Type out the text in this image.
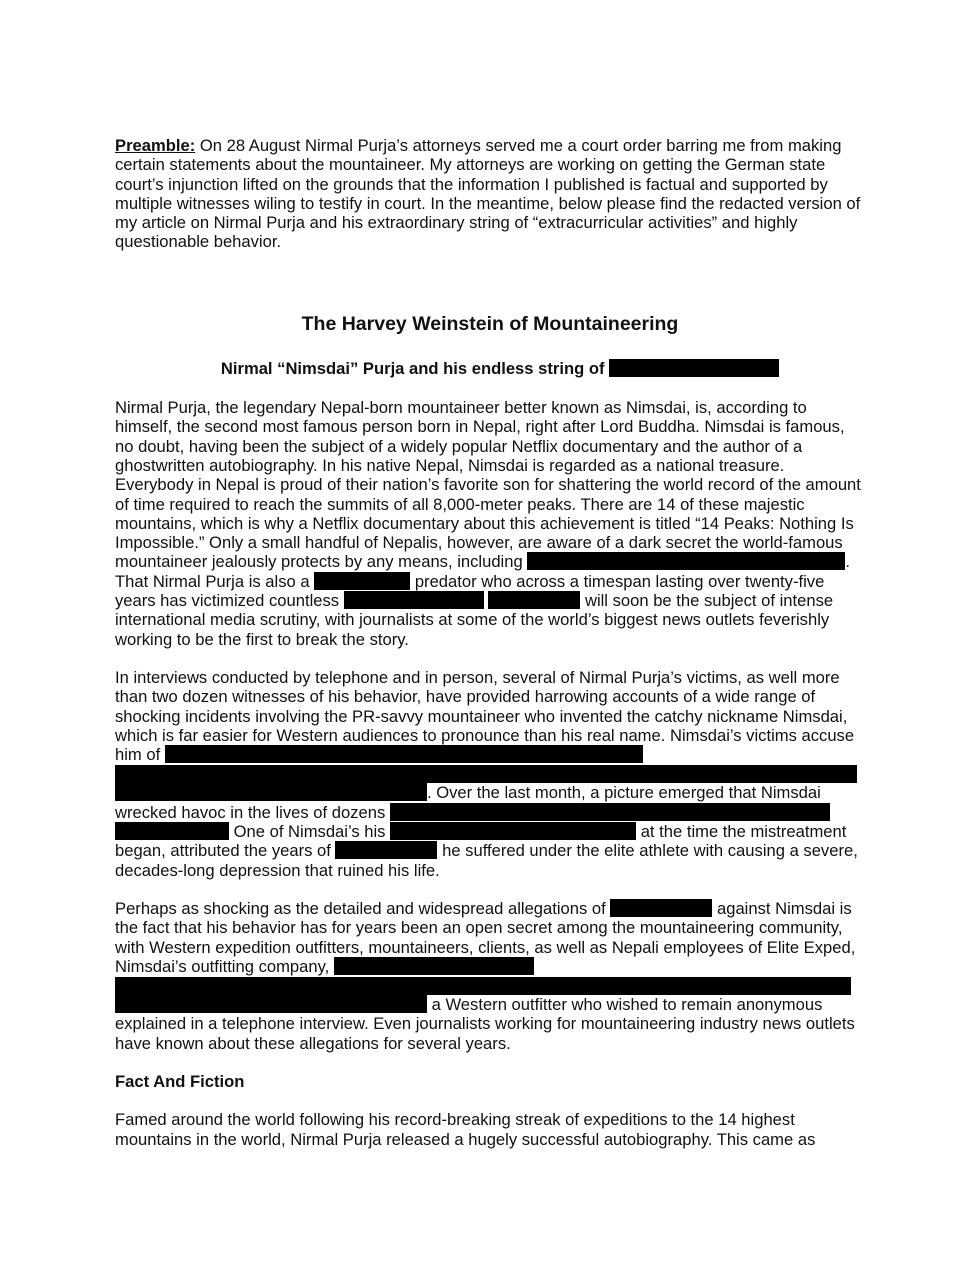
Preamble: On 28 August Nirmal Purja’s attorneys served me a court order barring me from making certain statements about the mountaineer. My attorneys are working on getting the German state court’s injunction lifted on the grounds that the information I published is factual and supported by multiple witnesses wiling to testify in court. In the meantime, below please find the redacted version of my article on Nirmal Purja and his extraordinary string of “extracurricular activities” and highly questionable behavior.

The Harvey Weinstein of Mountaineering

Nirmal “Nimsdai” Purja and his endless string of

Nirmal Purja, the legendary Nepal-born mountaineer better known as Nimsdai, is, according to himself, the second most famous person born in Nepal, right after Lord Buddha. Nimsdai is famous, no doubt, having been the subject of a widely popular Netflix documentary and the author of a ghostwritten autobiography. In his native Nepal, Nimsdai is regarded as a national treasure. Everybody in Nepal is proud of their nation’s favorite son for shattering the world record of the amount of time required to reach the summits of all 8,000-meter peaks. There are 14 of these majestic mountains, which is why a Netflix documentary about this achievement is titled “14 Peaks: Nothing Is Impossible.” Only a small handful of Nepalis, however, are aware of a dark secret the world-famous mountaineer jealously protects by any means, including	. That Nirmal Purja is also a	predator who across a timespan lasting over twenty-five years has victimized countless	will soon be the subject of intense international media scrutiny, with journalists at some of the world’s biggest news outlets feverishly working to be the first to break the story.

In interviews conducted by telephone and in person, several of Nirmal Purja’s victims, as well more than two dozen witnesses of his behavior, have provided harrowing accounts of a wide range of shocking incidents involving the PR-savvy mountaineer who invented the catchy nickname Nimsdai, which is far easier for Western audiences to pronounce than his real name. Nimsdai’s victims accuse him of
. Over the last month, a picture emerged that Nimsdai wrecked havoc in the lives of dozens   One of Nimsdai’s his	at the time the mistreatment began, attributed the years of	he suffered under the elite athlete with causing a severe, decades-long depression that ruined his life.

Perhaps as shocking as the detailed and widespread allegations of	against Nimsdai is the fact that his behavior has for years been an open secret among the mountaineering community, with Western expedition outfitters, mountaineers, clients, as well as Nepali employees of Elite Exped, Nimsdai’s outfitting company,
a Western outfitter who wished to remain anonymous explained in a telephone interview. Even journalists working for mountaineering industry news outlets have known about these allegations for several years.

Fact And Fiction

Famed around the world following his record-breaking streak of expeditions to the 14 highest mountains in the world, Nirmal Purja released a hugely successful autobiography. This came as
